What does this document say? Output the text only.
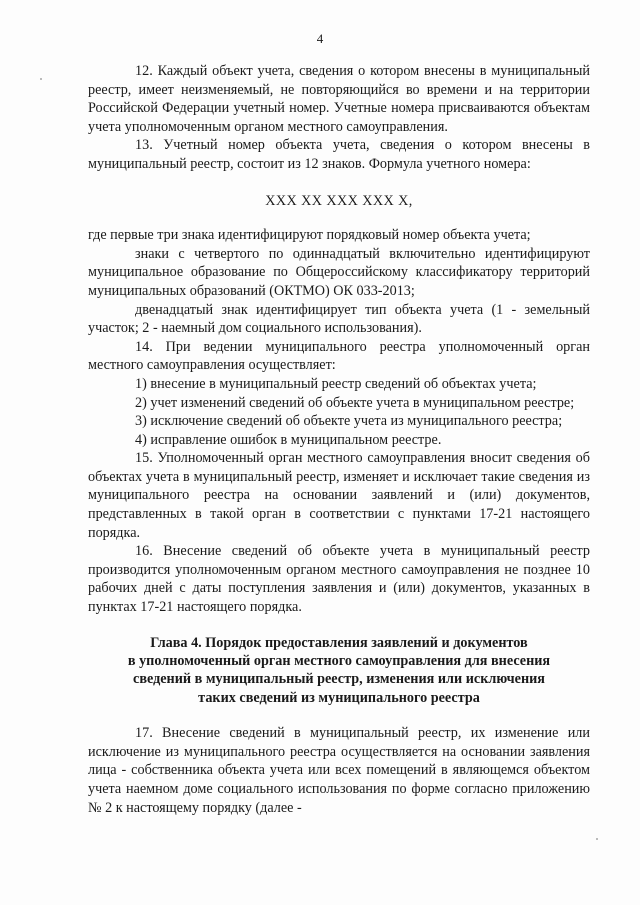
4

12. Каждый объект учета, сведения о котором внесены в муниципальный реестр, имеет неизменяемый, не повторяющийся во времени и на территории Российской Федерации учетный номер. Учетные номера присваиваются объектам учета уполномоченным органом местного самоуправления.

13. Учетный номер объекта учета, сведения о котором внесены в муниципальный реестр, состоит из 12 знаков. Формула учетного номера:

ХХХ ХХ ХХХ ХХХ Х,

где первые три знака идентифицируют порядковый номер объекта учета;

знаки с четвертого по одиннадцатый включительно идентифицируют муниципальное образование по Общероссийскому классификатору территорий муниципальных образований (ОКТМО) ОК 033-2013;

двенадцатый знак идентифицирует тип объекта учета (1 - земельный участок; 2 - наемный дом социального использования).

14. При ведении муниципального реестра уполномоченный орган местного самоуправления осуществляет:

1) внесение в муниципальный реестр сведений об объектах учета;

2) учет изменений сведений об объекте учета в муниципальном реестре;

3) исключение сведений об объекте учета из муниципального реестра;

4) исправление ошибок в муниципальном реестре.

15. Уполномоченный орган местного самоуправления вносит сведения об объектах учета в муниципальный реестр, изменяет и исключает такие сведения из муниципального реестра на основании заявлений и (или) документов, представленных в такой орган в соответствии с пунктами 17-21 настоящего порядка.

16. Внесение сведений об объекте учета в муниципальный реестр производится уполномоченным органом местного самоуправления не позднее 10 рабочих дней с даты поступления заявления и (или) документов, указанных в пунктах 17-21 настоящего порядка.

Глава 4. Порядок предоставления заявлений и документов
в уполномоченный орган местного самоуправления для внесения
сведений в муниципальный реестр, изменения или исключения
таких сведений из муниципального реестра

17. Внесение сведений в муниципальный реестр, их изменение или исключение из муниципального реестра осуществляется на основании заявления лица - собственника объекта учета или всех помещений в являющемся объектом учета наемном доме социального использования по форме согласно приложению № 2 к настоящему порядку (далее -
